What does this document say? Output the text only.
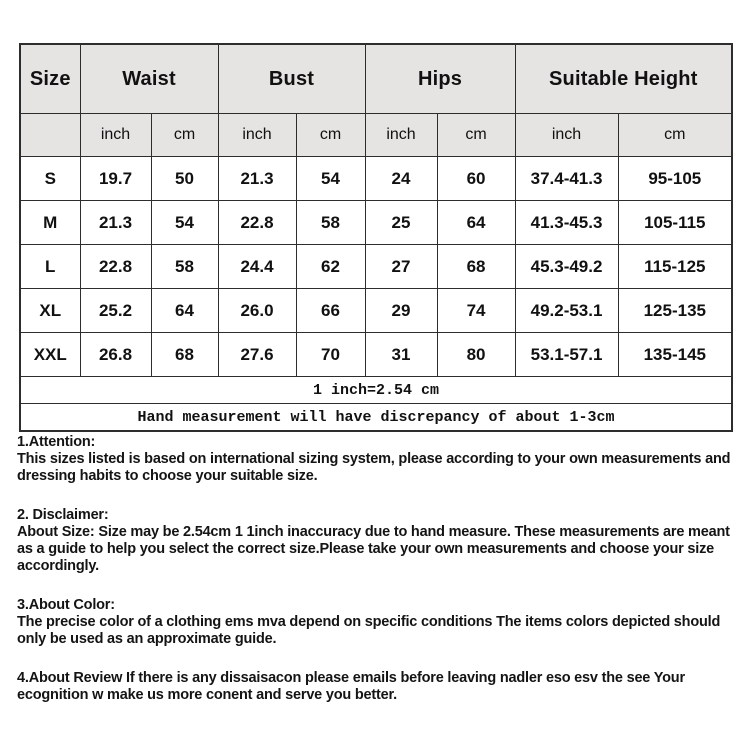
Size	Waist		Bust		Hips		Suitable Height	
	inch	cm	inch	cm	inch	cm	inch	cm
S	19.7	50	21.3	54	24	60	37.4-41.3	95-105
M	21.3	54	22.8	58	25	64	41.3-45.3	105-115
L	22.8	58	24.4	62	27	68	45.3-49.2	115-125
XL	25.2	64	26.0	66	29	74	49.2-53.1	125-135
XXL	26.8	68	27.6	70	31	80	53.1-57.1	135-145
1 inch=2.54 cm								
Hand measurement will have discrepancy of about 1-3cm								
1.Attention:
This sizes listed is based on international sizing system, please according to your own measurements and dressing habits to choose your suitable size.
2. Disclaimer:
About Size: Size may be 2.54cm 1 1inch inaccuracy due to hand measure. These measurements are meant as a guide to help you select the correct size.Please take your own measurements and choose your size accordingly.
3.About Color:
The precise color of a clothing ems mva depend on specific conditions The items colors depicted should only be used as an approximate guide.
4.About Review If there is any dissaisacon please emails before leaving nadler eso esv the see Your ecognition w make us more conent and serve you better.
